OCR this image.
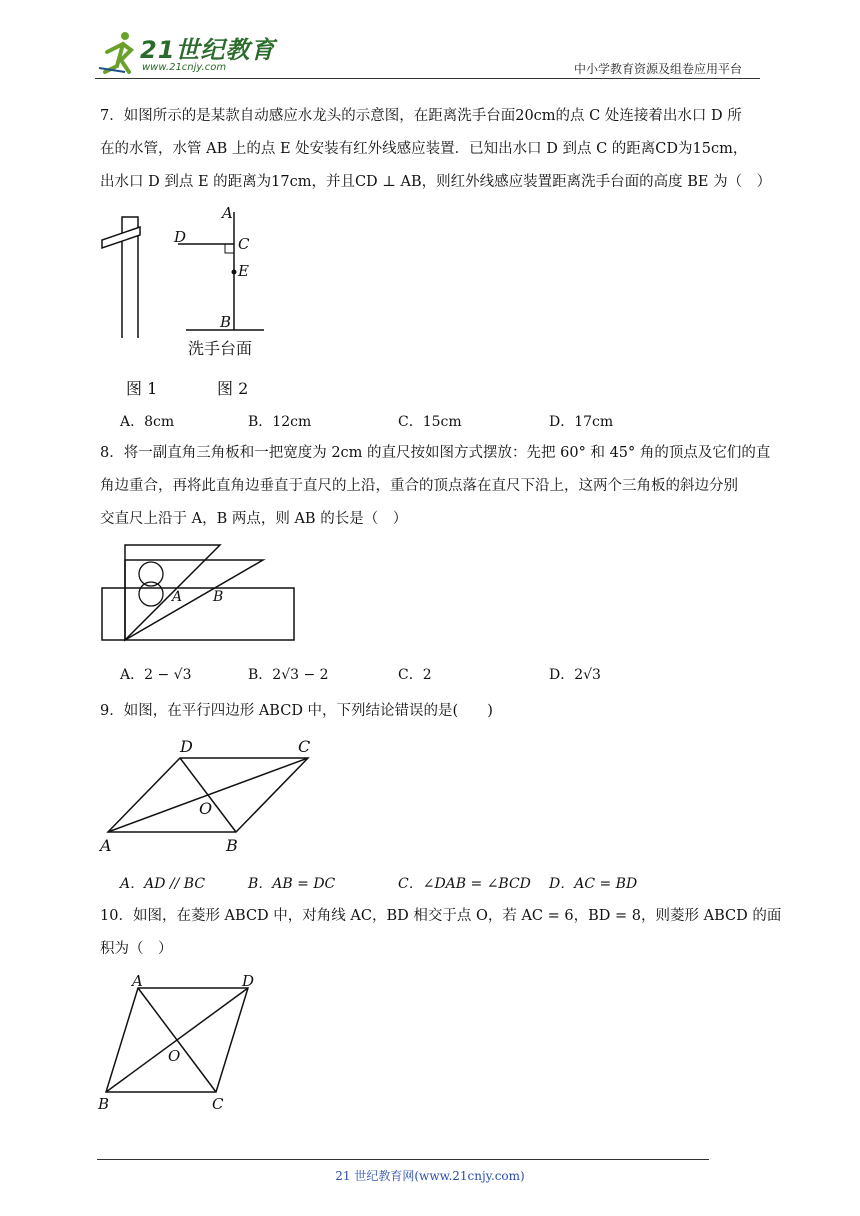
21世纪教育
www.21cnjy.com	中小学教育资源及组卷应用平台
7．如图所示的是某款自动感应水龙头的示意图，在距离洗手台面20cm的点 C 处连接着出水口 D 所
在的水管，水管 AB 上的点 E 处安装有红外线感应装置．已知出水口 D 到点 C 的距离CD为15cm，
出水口 D 到点 E 的距离为17cm，并且CD ⊥ AB，则红外线感应装置距离洗手台面的高度 BE 为（　）
A
D	C
E
B
洗手台面
图 1	图 2
A．8cm	B．12cm	C．15cm	D．17cm
8．将一副直角三角板和一把宽度为 2cm 的直尺按如图方式摆放：先把 60° 和 45° 角的顶点及它们的直
角边重合，再将此直角边垂直于直尺的上沿，重合的顶点落在直尺下沿上，这两个三角板的斜边分别
交直尺上沿于 A，B 两点，则 AB 的长是（　）
A B
A．2 − √3	B．2√3 − 2	C．2	D．2√3
9．如图，在平行四边形 ABCD 中，下列结论错误的是(　　)
D	C
O
A	B
A．AD // BC	B．AB = DC	C．∠DAB = ∠BCD D．AC = BD
10．如图，在菱形 ABCD 中，对角线 AC，BD 相交于点 O，若 AC = 6，BD = 8，则菱形 ABCD 的面
积为（　）
A	D
O
B	C
21 世纪教育网(www.21cnjy.com)
